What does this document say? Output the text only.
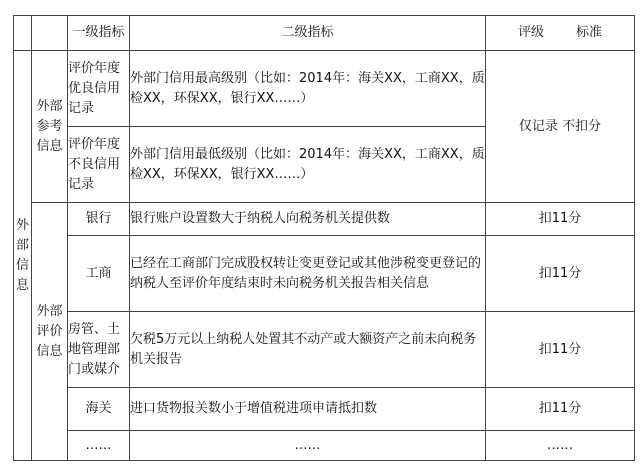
		一级指标	二级指标	评级 标准
外部信息	外部参考信息	评价年度优良信用记录	外部门信用最高级别（比如：2014年：海关XX，工商XX，质检XX，环保XX，银行XX……）	仅记录 不扣分
		评价年度不良信用记录	外部门信用最低级别（比如：2014年：海关XX，工商XX，质检XX，环保XX，银行XX……）	
	外部评价信息	银行	银行账户设置数大于纳税人向税务机关提供数	扣11分
		工商	已经在工商部门完成股权转让变更登记或其他涉税变更登记的纳税人至评价年度结束时未向税务机关报告相关信息	扣11分
		房管、土地管理部门或媒介	欠税5万元以上纳税人处置其不动产或大额资产之前未向税务机关报告	扣11分
		海关	进口货物报关数小于增值税进项申请抵扣数	扣11分
		……	……	……
